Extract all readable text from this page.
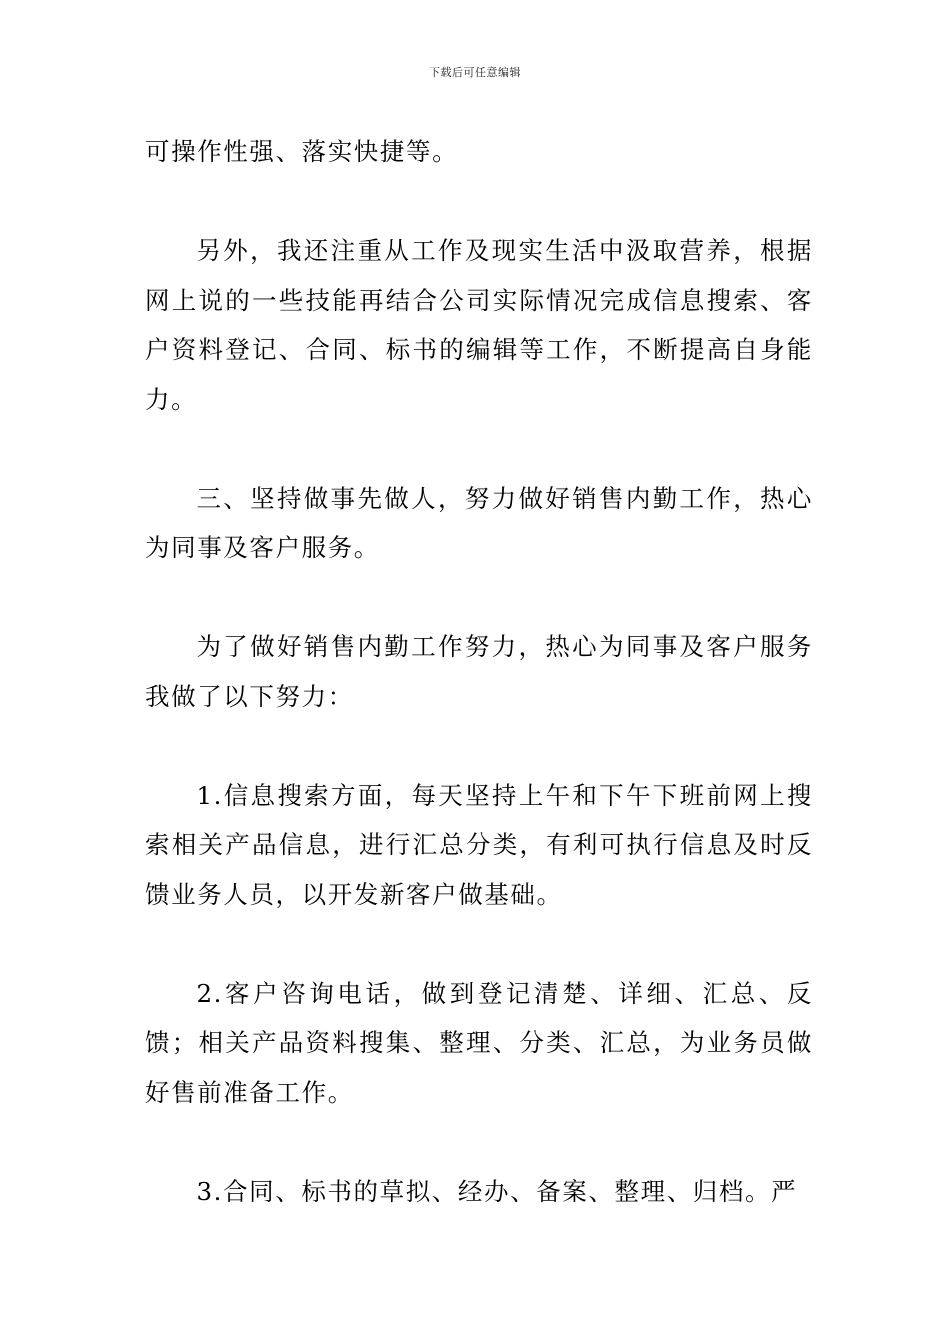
下载后可任意编辑

可操作性强、落实快捷等。

另外，我还注重从工作及现实生活中汲取营养，根据网上说的一些技能再结合公司实际情况完成信息搜索、客户资料登记、合同、标书的编辑等工作，不断提高自身能力。

三、坚持做事先做人，努力做好销售内勤工作，热心为同事及客户服务。

为了做好销售内勤工作努力，热心为同事及客户服务我做了以下努力：

1.信息搜索方面，每天坚持上午和下午下班前网上搜索相关产品信息，进行汇总分类，有利可执行信息及时反馈业务人员，以开发新客户做基础。

2.客户咨询电话，做到登记清楚、详细、汇总、反馈；相关产品资料搜集、整理、分类、汇总，为业务员做好售前准备工作。

3.合同、标书的草拟、经办、备案、整理、归档。严
